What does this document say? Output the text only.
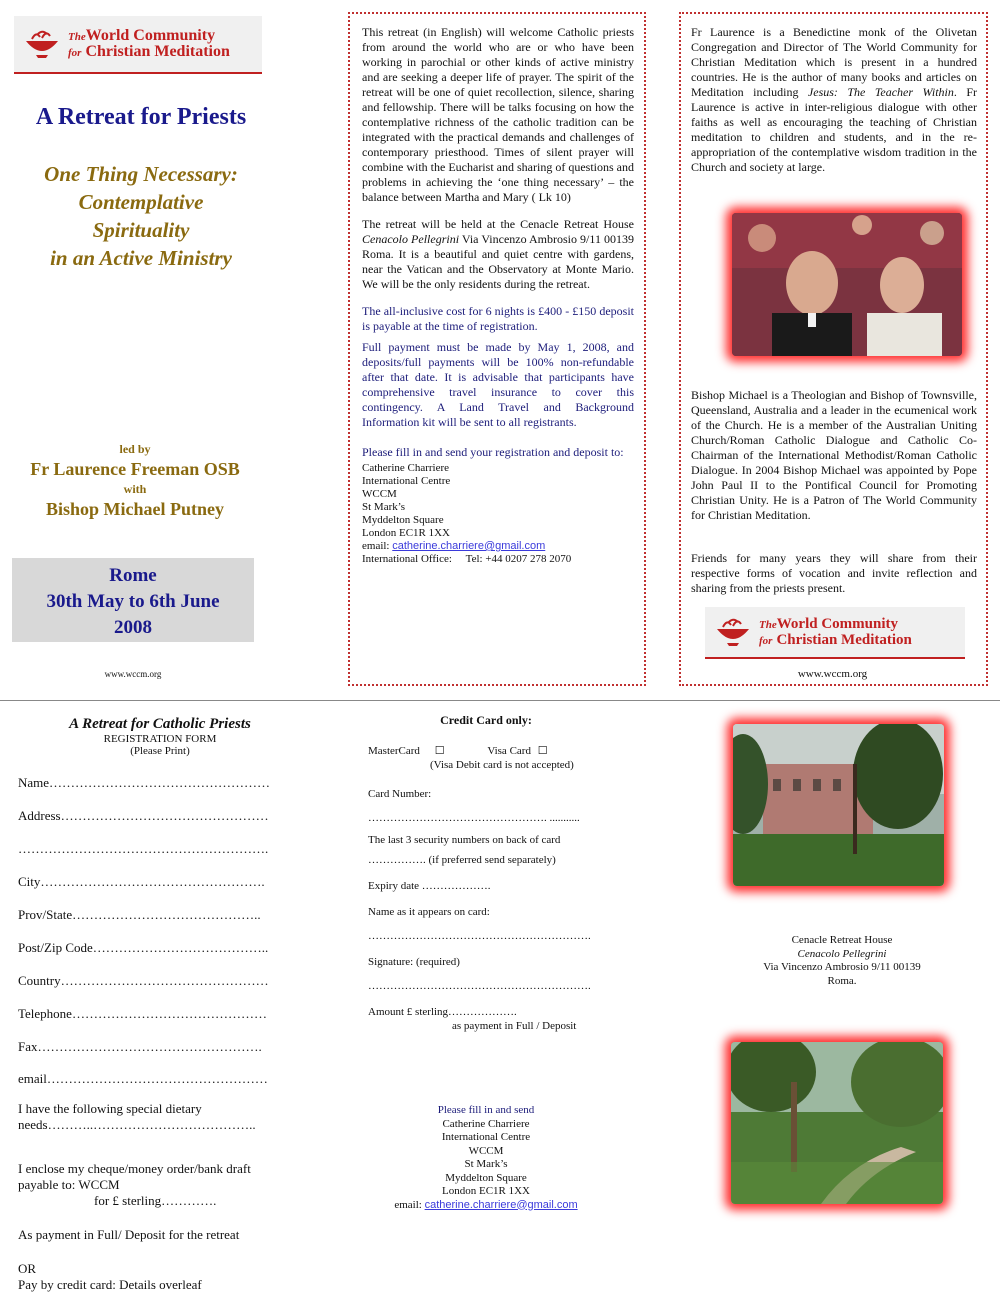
TheWorld Community
for Christian Meditation
A Retreat for Priests
One Thing Necessary:
Contemplative
Spirituality
in an Active Ministry
led by
Fr Laurence Freeman OSB
with
Bishop Michael Putney
Rome
30th May to 6th June
2008
www.wccm.org

This retreat (in English) will welcome Catholic priests from around the world who are or who have been working in parochial or other kinds of active ministry and are seeking a deeper life of prayer. The spirit of the retreat will be one of quiet recollection, silence, sharing and fellowship. There will be talks focusing on how the contemplative richness of the catholic tradition can be integrated with the practical demands and challenges of contemporary priesthood. Times of silent prayer will combine with the Eucharist and sharing of questions and problems in achieving the ‘one thing necessary’ – the balance between Martha and Mary ( Lk 10)

The retreat will be held at the Cenacle Retreat House Cenacolo Pellegrini Via Vincenzo Ambrosio 9/11 00139 Roma. It is a beautiful and quiet centre with gardens, near the Vatican and the Observatory at Monte Mario. We will be the only residents during the retreat.

The all-inclusive cost for 6 nights is £400 - £150 deposit is payable at the time of registration.

Full payment must be made by May 1, 2008, and deposits/full payments will be 100% non-refundable after that date. It is advisable that participants have comprehensive travel insurance to cover this contingency. A Land Travel and Background Information kit will be sent to all registrants.

Please fill in and send your registration and deposit to:

Catherine Charriere
International Centre
WCCM
St Mark’s
Myddelton Square
London EC1R 1XX
email: catherine.charriere@gmail.com
International Office: Tel: +44 0207 278 2070

Fr Laurence is a Benedictine monk of the Olivetan Congregation and Director of The World Community for Christian Meditation which is present in a hundred countries. He is the author of many books and articles on Meditation including Jesus: The Teacher Within. Fr Laurence is active in inter-religious dialogue with other faiths as well as encouraging the teaching of Christian meditation to children and students, and in the re-appropriation of the contemplative wisdom tradition in the Church and society at large.

Bishop Michael is a Theologian and Bishop of Townsville, Queensland, Australia and a leader in the ecumenical work of the Church. He is a member of the Australian Uniting Church/Roman Catholic Dialogue and Catholic Co-Chairman of the International Methodist/Roman Catholic Dialogue. In 2004 Bishop Michael was appointed by Pope John Paul II to the Pontifical Council for Promoting Christian Unity. He is a Patron of The World Community for Christian Meditation.

Friends for many years they will share from their respective forms of vocation and invite reflection and sharing from the priests present.

TheWorld Community
for Christian Meditation
www.wccm.org
A Retreat for Catholic Priests
REGISTRATION FORM
(Please Print)
Name……………………………………………
Address…………………………………………
………………………………………………….
City…………………………………………….
Prov/State……………………………………..
Post/Zip Code…………………………………..
Country…………………………………………
Telephone………………………………………
Fax…………………………………………….
email……………………………………………
I have the following special dietary
needs………..………………………………..
I enclose my cheque/money order/bank draft
payable to: WCCM
for £ sterling………….
As payment in Full/ Deposit for the retreat
OR
Pay by credit card: Details overleaf
Credit Card only:
MasterCard ☐	Visa Card ☐
(Visa Debit card is not accepted)
Card Number:
…………………………………………. ...........
The last 3 security numbers on back of card
……………. (if preferred send separately)
Expiry date ……………….
Name as it appears on card:
…………………………………………………….
Signature: (required)
…………………………………………………….
Amount £ sterling……………….
as payment in Full / Deposit
Please fill in and send
Catherine Charriere
International Centre
WCCM
St Mark’s
Myddelton Square
London EC1R 1XX
email: catherine.charriere@gmail.com
Cenacle Retreat House
Cenacolo Pellegrini
Via Vincenzo Ambrosio 9/11 00139
Roma.
